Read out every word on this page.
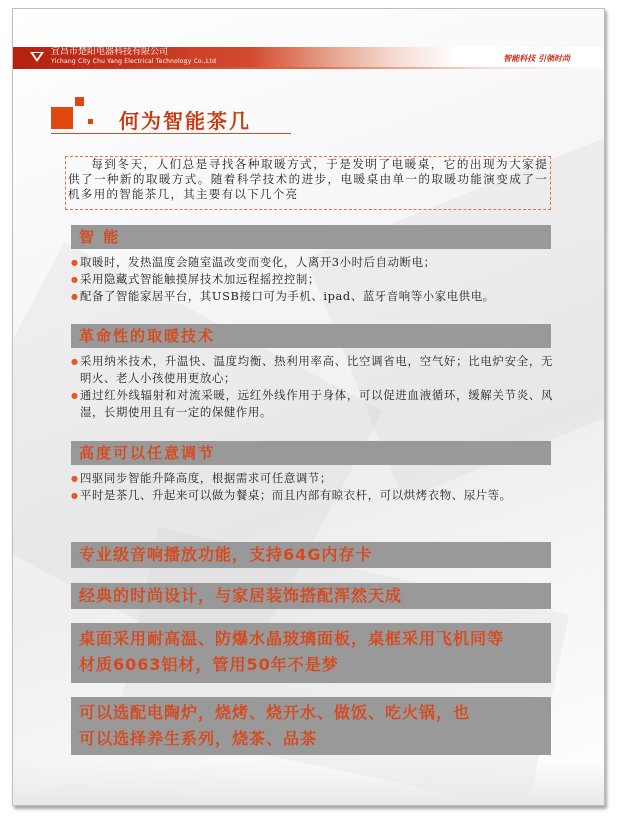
宜昌市楚阳电器科技有限公司
Yichang City Chu Yang Electrical Technology Co.,Ltd	智能科技 引领时尚
何为智能茶几

每到冬天，人们总是寻找各种取暖方式，于是发明了电暖桌，它的出现为大家提供了一种新的取暖方式。随着科学技术的进步，电暖桌由单一的取暖功能演变成了一机多用的智能茶几，其主要有以下几个亮

智 能
● 取暖时，发热温度会随室温改变而变化，人离开3小时后自动断电；
● 采用隐藏式智能触摸屏技术加远程摇控控制；
● 配备了智能家居平台，其USB接口可为手机、ipad、蓝牙音响等小家电供电。
革命性的取暖技术
● 采用纳米技术，升温快、温度均衡、热利用率高、比空调省电，空气好；比电炉安全，无明火、老人小孩使用更放心；
● 通过红外线辐射和对流采暖，远红外线作用于身体，可以促进血液循环，缓解关节炎、风湿，长期使用且有一定的保健作用。
高度可以任意调节
● 四驱同步智能升降高度，根据需求可任意调节；
● 平时是茶几、升起来可以做为餐桌；而且内部有晾衣杆，可以烘烤衣物、尿片等。
专业级音响播放功能，支持64G内存卡
经典的时尚设计，与家居装饰搭配浑然天成
桌面采用耐高温、防爆水晶玻璃面板，桌框采用飞机同等材质6063铝材，管用50年不是梦
可以选配电陶炉，烧烤、烧开水、做饭、吃火锅，也可以选择养生系列，烧茶、品茶
